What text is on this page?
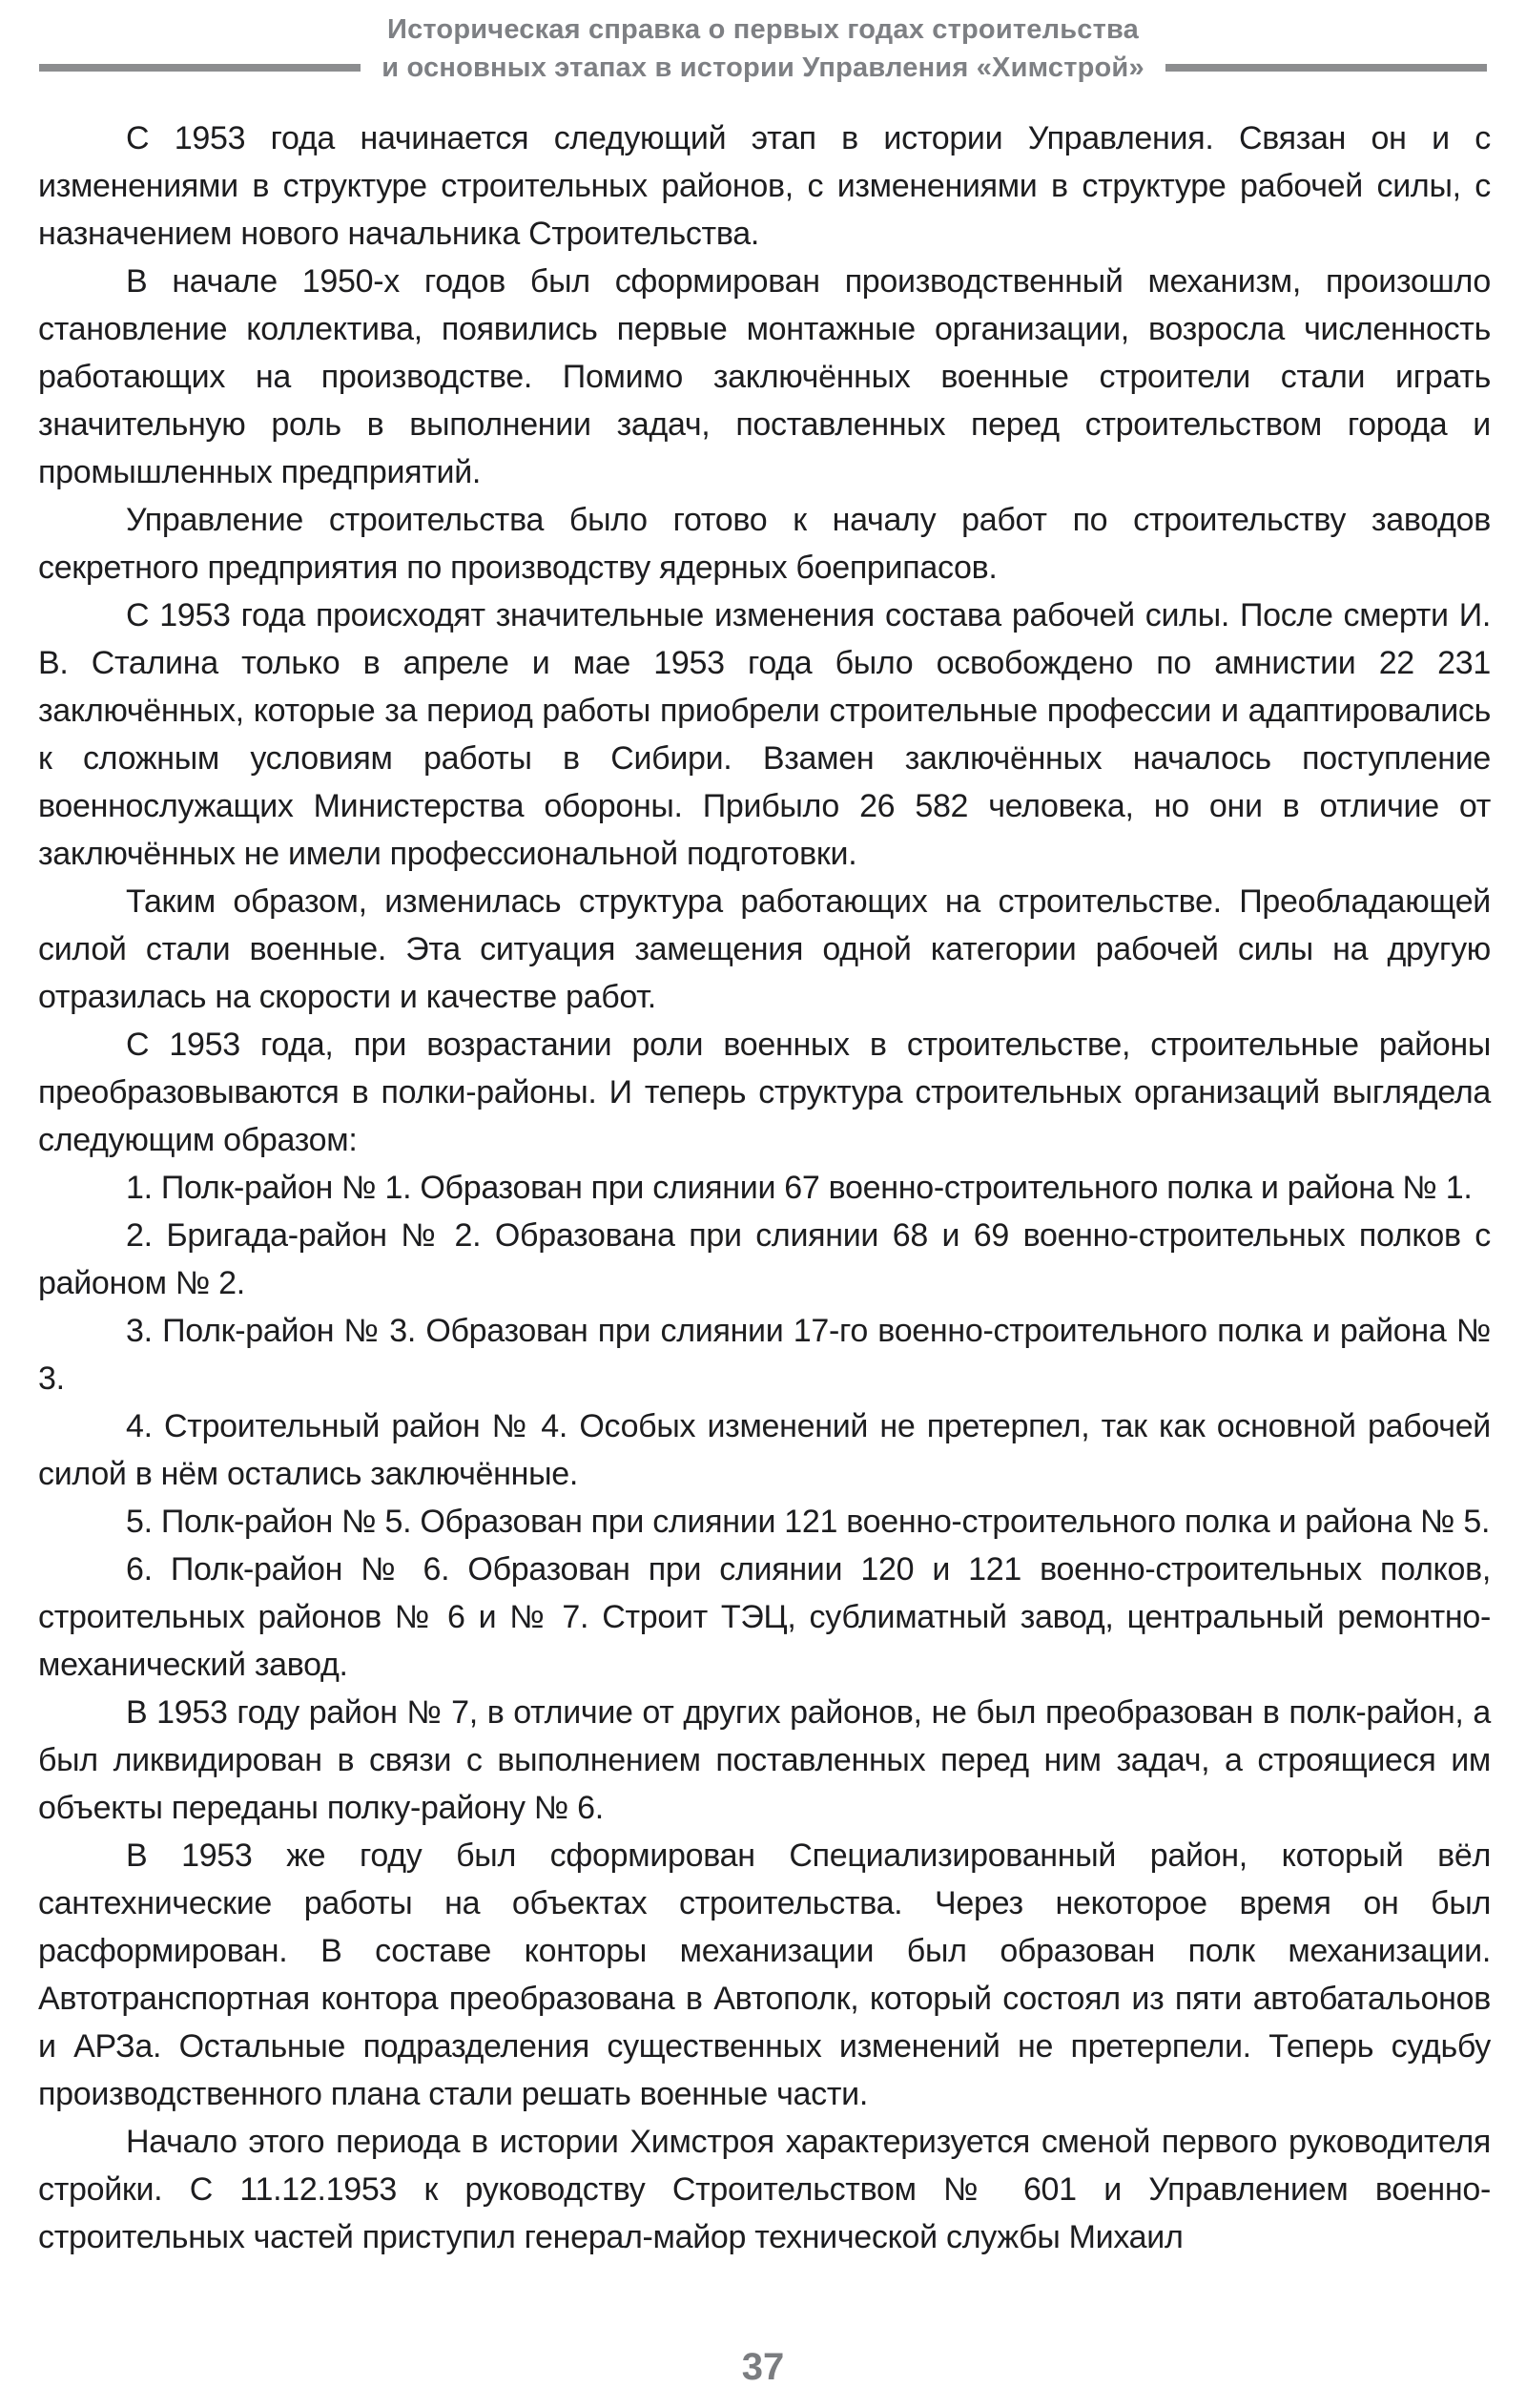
Историческая справка о первых годах строительства
и основных этапах в истории Управления «Химстрой»

С 1953 года начинается следующий этап в истории Управления. Связан он и с изменениями в структуре строительных районов, с изменениями в структуре рабочей силы, с назначением нового начальника Строительства.

В начале 1950-х годов был сформирован производственный механизм, произошло становление коллектива, появились первые монтажные организации, возросла численность работающих на производстве. Помимо заключённых военные строители стали играть значительную роль в выполнении задач, поставленных перед строительством города и промышленных предприятий.

Управление строительства было готово к началу работ по строительству заводов секретного предприятия по производству ядерных боеприпасов.

С 1953 года происходят значительные изменения состава рабочей силы. После смерти И. В. Сталина только в апреле и мае 1953 года было освобождено по амнистии 22 231 заключённых, которые за период работы приобрели строительные профессии и адаптировались к сложным условиям работы в Сибири. Взамен заключённых началось поступление военнослужащих Министерства обороны. Прибыло 26 582 человека, но они в отличие от заключённых не имели профессиональной подготовки.

Таким образом, изменилась структура работающих на строительстве. Преобладающей силой стали военные. Эта ситуация замещения одной категории рабочей силы на другую отразилась на скорости и качестве работ.

С 1953 года, при возрастании роли военных в строительстве, строительные районы преобразовываются в полки-районы. И теперь структура строительных организаций выглядела следующим образом:

1. Полк-район № 1. Образован при слиянии 67 военно-строительного полка и района № 1.

2. Бригада-район № 2. Образована при слиянии 68 и 69 военно-строительных полков с районом № 2.

3. Полк-район № 3. Образован при слиянии 17-го военно-строительного полка и района № 3.

4. Строительный район № 4. Особых изменений не претерпел, так как основной рабочей силой в нём остались заключённые.

5. Полк-район № 5. Образован при слиянии 121 военно-строительного полка и района № 5.

6. Полк-район № 6. Образован при слиянии 120 и 121 военно-строительных полков, строительных районов № 6 и № 7. Строит ТЭЦ, сублиматный завод, центральный ремонтно-механический завод.

В 1953 году район № 7, в отличие от других районов, не был преобразован в полк-район, а был ликвидирован в связи с выполнением поставленных перед ним задач, а строящиеся им объекты переданы полку-району № 6.

В 1953 же году был сформирован Специализированный район, который вёл сантехнические работы на объектах строительства. Через некоторое время он был расформирован. В составе конторы механизации был образован полк механизации. Автотранспортная контора преобразована в Автополк, который состоял из пяти автобатальонов и АРЗа. Остальные подразделения существенных изменений не претерпели. Теперь судьбу производственного плана стали решать военные части.

Начало этого периода в истории Химстроя характеризуется сменой первого руководителя стройки. С 11.12.1953 к руководству Строительством № 601 и Управлением военно-строительных частей приступил генерал-майор технической службы Михаил

37
